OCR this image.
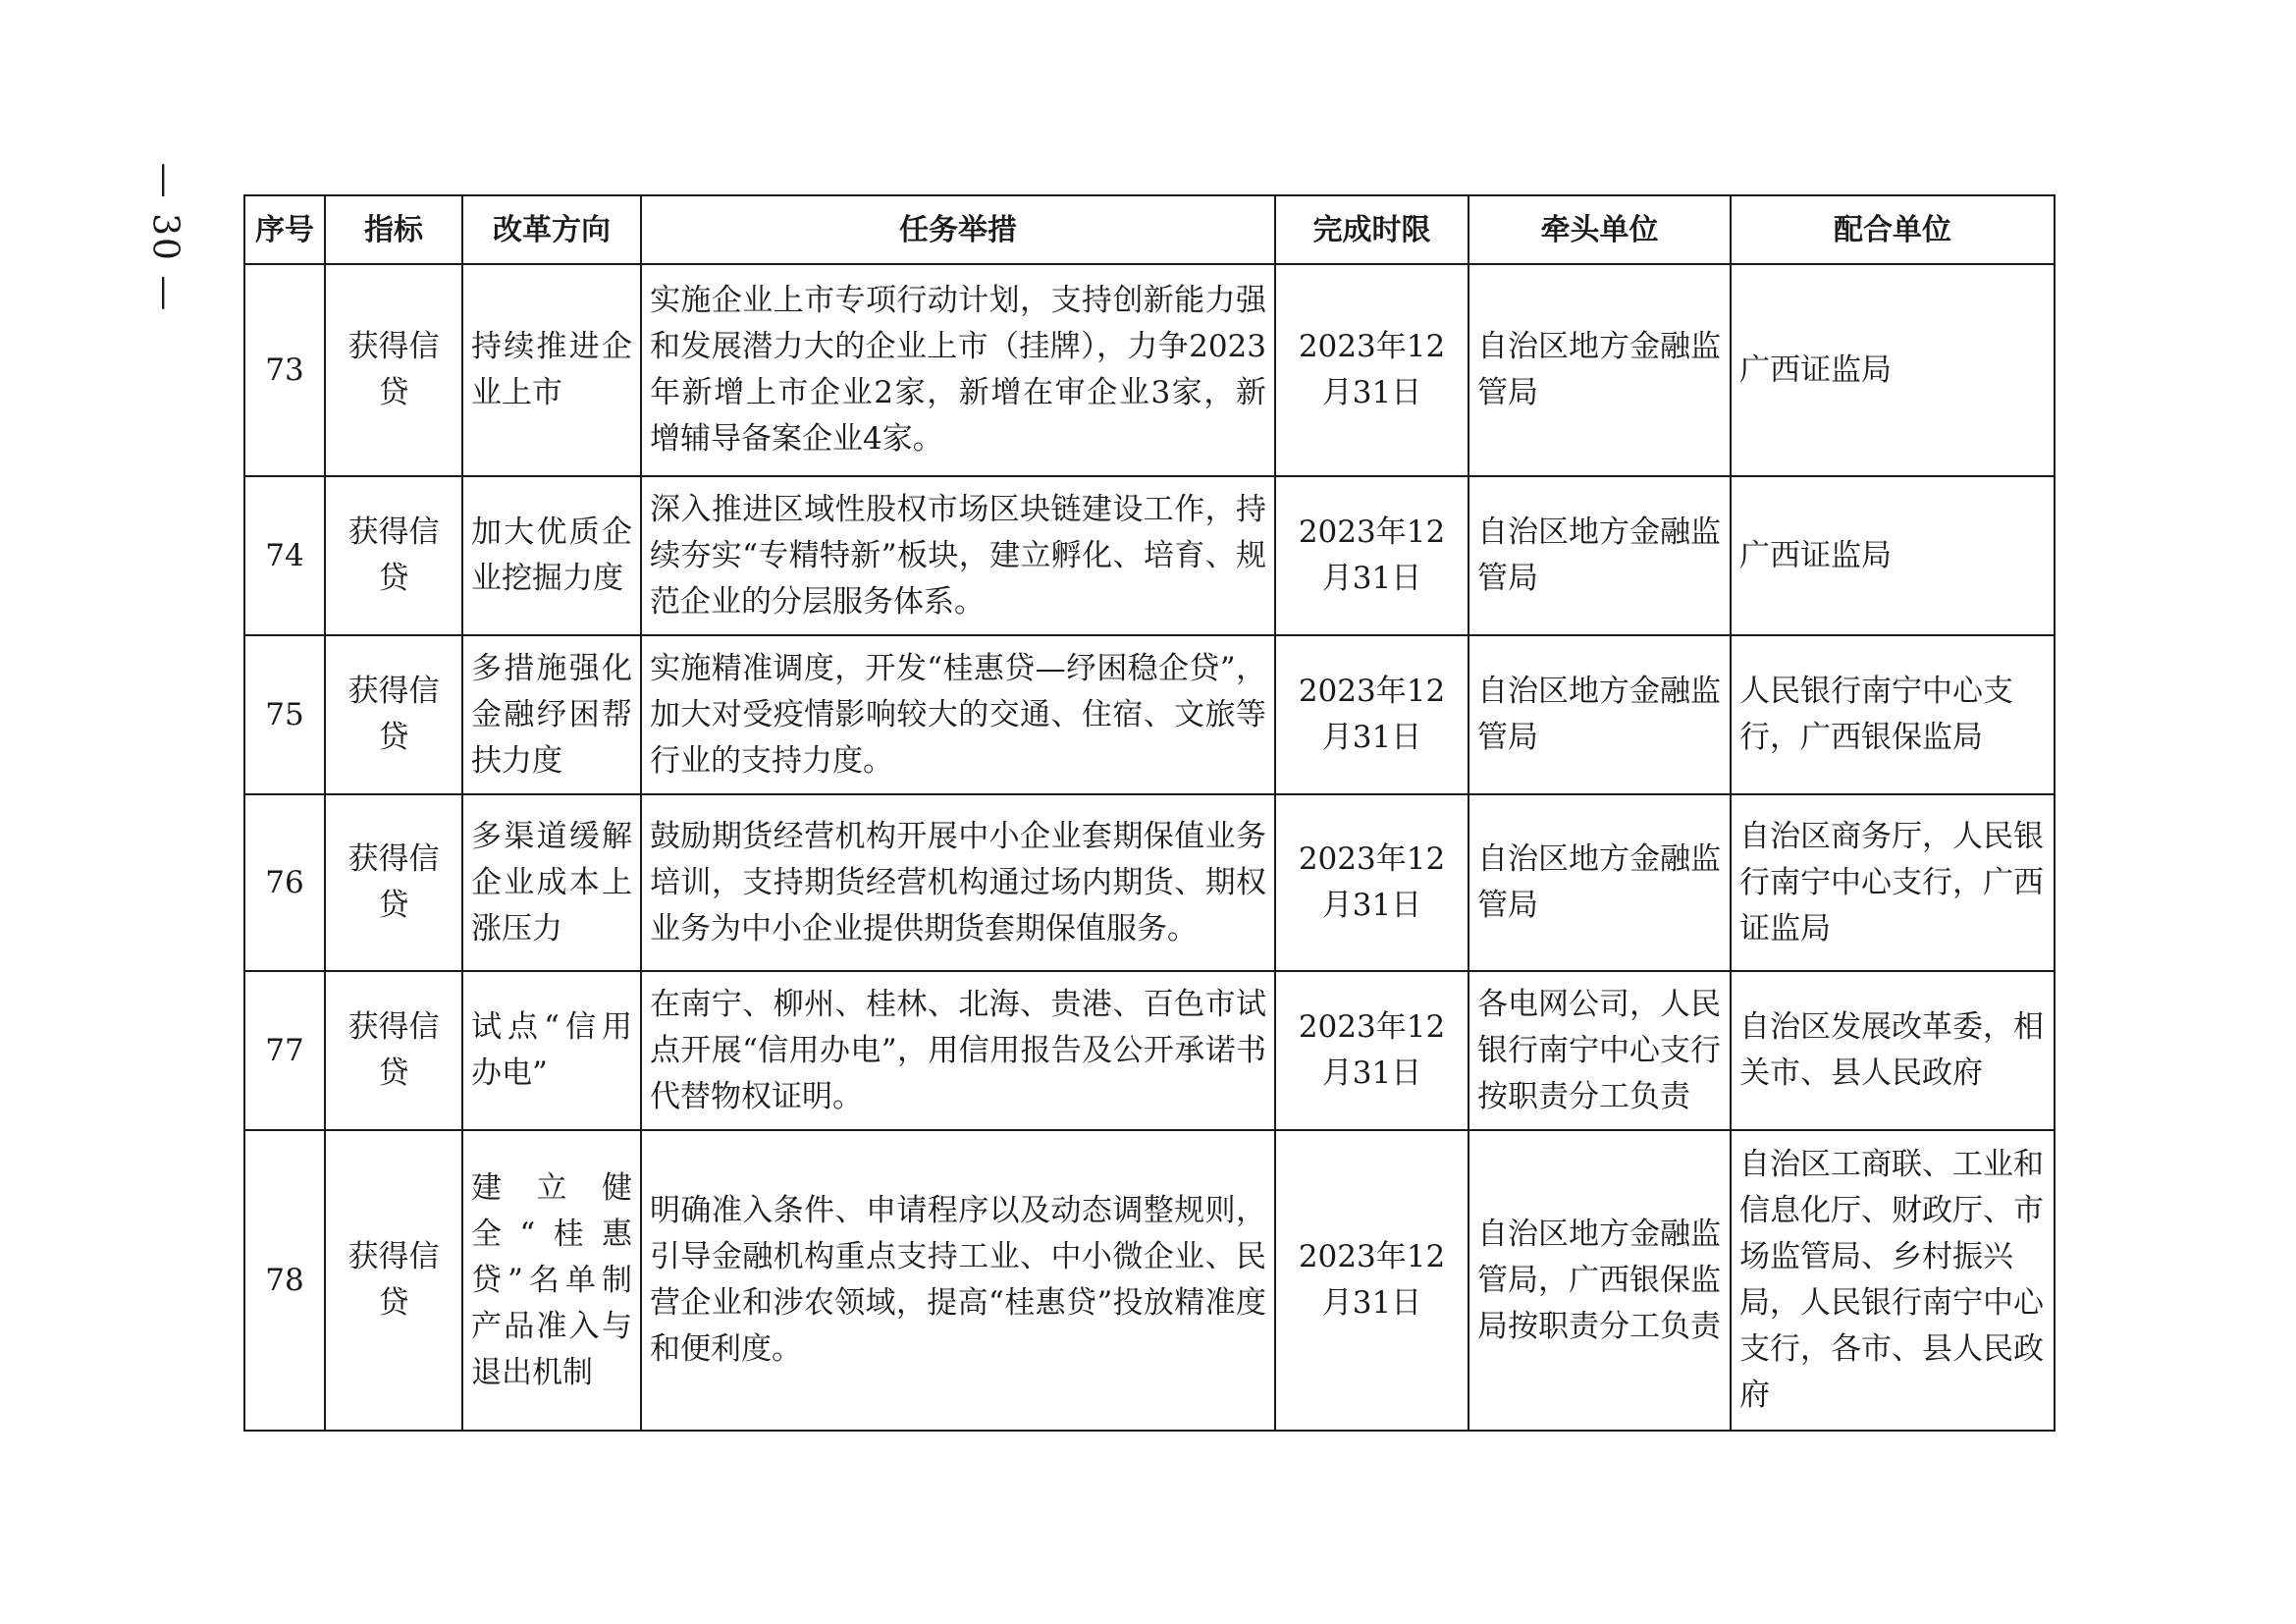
— 30 — 序号	指标	改革方向	任务举措	完成时限	牵头单位	配合单位
73	获得信贷	持续推进企业上市	实施企业上市专项行动计划，支持创新能力强和发展潜力大的企业上市（挂牌），力争2023年新增上市企业2家，新增在审企业3家，新增辅导备案企业4家。	2023年12月31日	自治区地方金融监管局	广西证监局
74	获得信贷	加大优质企业挖掘力度	深入推进区域性股权市场区块链建设工作，持续夯实“专精特新”板块，建立孵化、培育、规范企业的分层服务体系。	2023年12月31日	自治区地方金融监管局	广西证监局
75	获得信贷	多措施强化金融纾困帮扶力度	实施精准调度，开发“桂惠贷—纾困稳企贷”，加大对受疫情影响较大的交通、住宿、文旅等行业的支持力度。	2023年12月31日	自治区地方金融监管局	人民银行南宁中心支行，广西银保监局
76	获得信贷	多渠道缓解企业成本上涨压力	鼓励期货经营机构开展中小企业套期保值业务培训，支持期货经营机构通过场内期货、期权业务为中小企业提供期货套期保值服务。	2023年12月31日	自治区地方金融监管局	自治区商务厅，人民银行南宁中心支行，广西证监局
77	获得信贷	试点“信用办电”	在南宁、柳州、桂林、北海、贵港、百色市试点开展“信用办电”，用信用报告及公开承诺书代替物权证明。	2023年12月31日	各电网公司，人民银行南宁中心支行按职责分工负责	自治区发展改革委，相关市、县人民政府
78	获得信贷	建立健全“桂惠贷”名单制产品准入与退出机制	明确准入条件、申请程序以及动态调整规则，引导金融机构重点支持工业、中小微企业、民营企业和涉农领域，提高“桂惠贷”投放精准度和便利度。	2023年12月31日	自治区地方金融监管局，广西银保监局按职责分工负责	自治区工商联、工业和信息化厅、财政厅、市场监管局、乡村振兴局，人民银行南宁中心支行，各市、县人民政府
